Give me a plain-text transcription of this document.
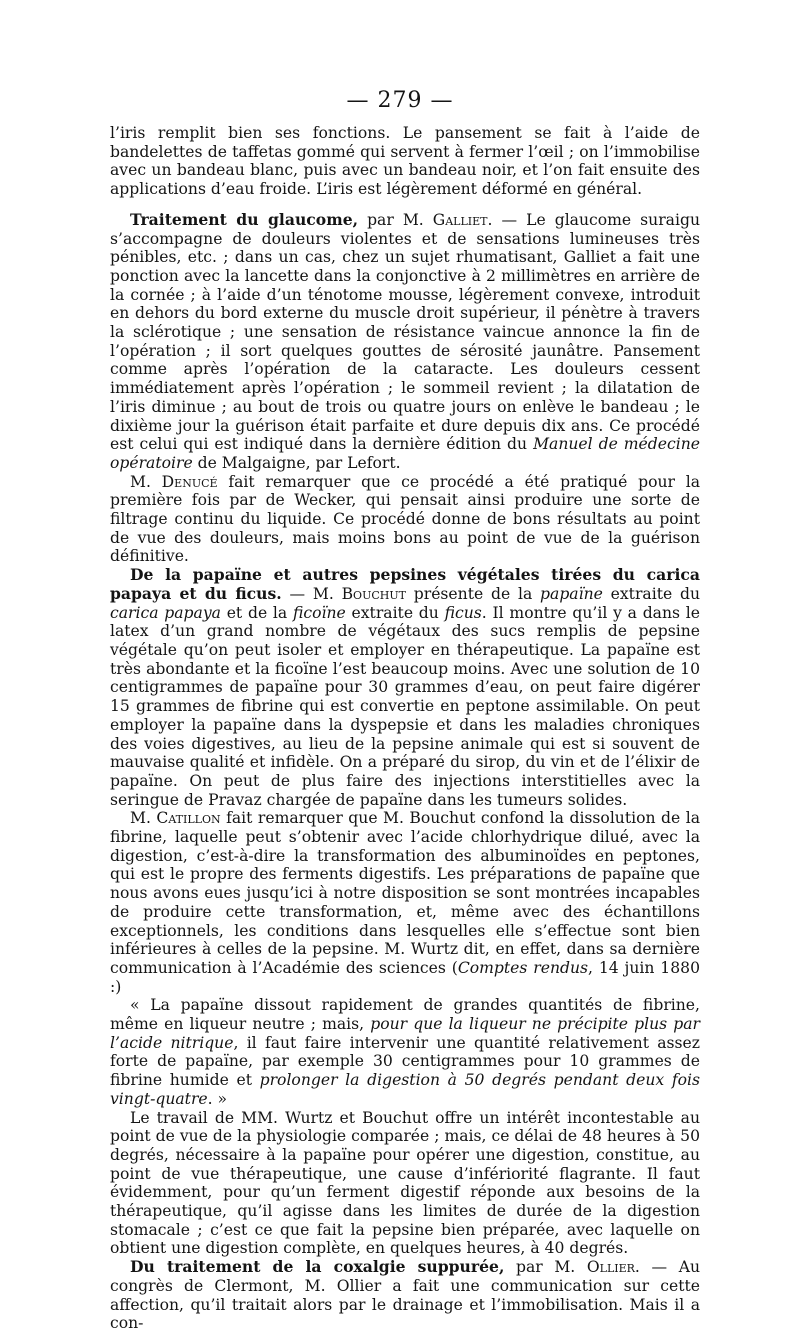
— 279 —

l’iris remplit bien ses fonctions. Le pansement se fait à l’aide de bandelettes de taffetas gommé qui servent à fermer l’œil ; on l’immobilise avec un bandeau blanc, puis avec un bandeau noir, et l’on fait ensuite des applications d’eau froide. L’iris est légèrement déformé en général.

Traitement du glaucome, par M. Galliet. — Le glaucome suraigu s’accompagne de douleurs violentes et de sensations lumineuses très pénibles, etc. ; dans un cas, chez un sujet rhumatisant, Galliet a fait une ponction avec la lancette dans la conjonctive à 2 millimètres en arrière de la cornée ; à l’aide d’un ténotome mousse, légèrement convexe, introduit en dehors du bord externe du muscle droit supérieur, il pénètre à travers la sclérotique ; une sensation de résistance vaincue annonce la fin de l’opération ; il sort quelques gouttes de sérosité jaunâtre. Pansement comme après l’opération de la cataracte. Les douleurs cessent immédiatement après l’opération ; le sommeil revient ; la dilatation de l’iris diminue ; au bout de trois ou quatre jours on enlève le bandeau ; le dixième jour la guérison était parfaite et dure depuis dix ans. Ce procédé est celui qui est indiqué dans la dernière édition du Manuel de médecine opératoire de Malgaigne, par Lefort.

M. Denucé fait remarquer que ce procédé a été pratiqué pour la première fois par de Wecker, qui pensait ainsi produire une sorte de filtrage continu du liquide. Ce procédé donne de bons résultats au point de vue des douleurs, mais moins bons au point de vue de la guérison définitive.

De la papaïne et autres pepsines végétales tirées du carica papaya et du ficus. — M. Bouchut présente de la papaïne extraite du carica papaya et de la ficoïne extraite du ficus. Il montre qu’il y a dans le latex d’un grand nombre de végétaux des sucs remplis de pepsine végétale qu’on peut isoler et employer en thérapeutique. La papaïne est très abondante et la ficoïne l’est beaucoup moins. Avec une solution de 10 centigrammes de papaïne pour 30 grammes d’eau, on peut faire digérer 15 grammes de fibrine qui est convertie en peptone assimilable. On peut employer la papaïne dans la dyspepsie et dans les maladies chroniques des voies digestives, au lieu de la pepsine animale qui est si souvent de mauvaise qualité et infidèle. On a préparé du sirop, du vin et de l’élixir de papaïne. On peut de plus faire des injections interstitielles avec la seringue de Pravaz chargée de papaïne dans les tumeurs solides.

M. Catillon fait remarquer que M. Bouchut confond la dissolution de la fibrine, laquelle peut s’obtenir avec l’acide chlorhydrique dilué, avec la digestion, c’est-à-dire la transformation des albuminoïdes en peptones, qui est le propre des ferments digestifs. Les préparations de papaïne que nous avons eues jusqu’ici à notre disposition se sont montrées incapables de produire cette transformation, et, même avec des échantillons exceptionnels, les conditions dans lesquelles elle s’effectue sont bien inférieures à celles de la pepsine. M. Wurtz dit, en effet, dans sa dernière communication à l’Académie des sciences (Comptes rendus, 14 juin 1880 :)

« La papaïne dissout rapidement de grandes quantités de fibrine, même en liqueur neutre ; mais, pour que la liqueur ne précipite plus par l’acide nitrique, il faut faire intervenir une quantité relativement assez forte de papaïne, par exemple 30 centigrammes pour 10 grammes de fibrine humide et prolonger la digestion à 50 degrés pendant deux fois vingt-quatre. »

Le travail de MM. Wurtz et Bouchut offre un intérêt incontestable au point de vue de la physiologie comparée ; mais, ce délai de 48 heures à 50 degrés, nécessaire à la papaïne pour opérer une digestion, constitue, au point de vue thérapeutique, une cause d’infériorité flagrante. Il faut évidemment, pour qu’un ferment digestif réponde aux besoins de la thérapeutique, qu’il agisse dans les limites de durée de la digestion stomacale ; c’est ce que fait la pepsine bien préparée, avec laquelle on obtient une digestion complète, en quelques heures, à 40 degrés.

Du traitement de la coxalgie suppurée, par M. Ollier. — Au congrès de Clermont, M. Ollier a fait une communication sur cette affection, qu’il traitait alors par le drainage et l’immobilisation. Mais il a con-
